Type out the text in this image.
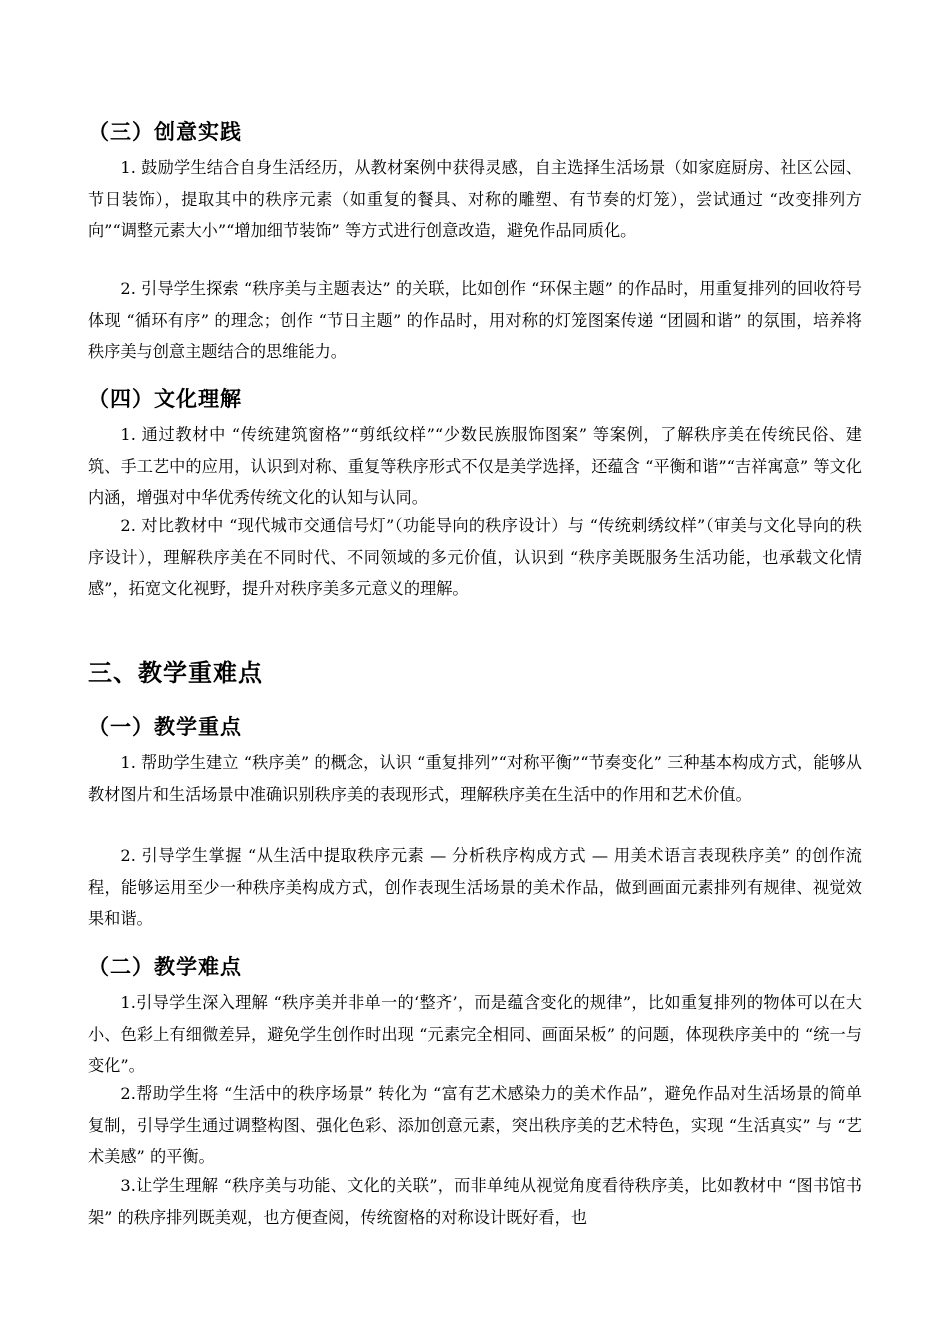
（三）创意实践

1. 鼓励学生结合自身生活经历，从教材案例中获得灵感，自主选择生活场景（如家庭厨房、社区公园、节日装饰），提取其中的秩序元素（如重复的餐具、对称的雕塑、有节奏的灯笼），尝试通过 “改变排列方向”“调整元素大小”“增加细节装饰” 等方式进行创意改造，避免作品同质化。

2. 引导学生探索 “秩序美与主题表达” 的关联，比如创作 “环保主题” 的作品时，用重复排列的回收符号体现 “循环有序” 的理念；创作 “节日主题” 的作品时，用对称的灯笼图案传递 “团圆和谐” 的氛围，培养将秩序美与创意主题结合的思维能力。

（四）文化理解

1. 通过教材中 “传统建筑窗格”“剪纸纹样”“少数民族服饰图案” 等案例，了解秩序美在传统民俗、建筑、手工艺中的应用，认识到对称、重复等秩序形式不仅是美学选择，还蕴含 “平衡和谐”“吉祥寓意” 等文化内涵，增强对中华优秀传统文化的认知与认同。

2. 对比教材中 “现代城市交通信号灯”（功能导向的秩序设计）与 “传统刺绣纹样”（审美与文化导向的秩序设计），理解秩序美在不同时代、不同领域的多元价值，认识到 “秩序美既服务生活功能，也承载文化情感”，拓宽文化视野，提升对秩序美多元意义的理解。

三、教学重难点
（一）教学重点

1. 帮助学生建立 “秩序美” 的概念，认识 “重复排列”“对称平衡”“节奏变化” 三种基本构成方式，能够从教材图片和生活场景中准确识别秩序美的表现形式，理解秩序美在生活中的作用和艺术价值。

2. 引导学生掌握 “从生活中提取秩序元素 — 分析秩序构成方式 — 用美术语言表现秩序美” 的创作流程，能够运用至少一种秩序美构成方式，创作表现生活场景的美术作品，做到画面元素排列有规律、视觉效果和谐。

（二）教学难点

1.引导学生深入理解 “秩序美并非单一的‘整齐’，而是蕴含变化的规律”，比如重复排列的物体可以在大小、色彩上有细微差异，避免学生创作时出现 “元素完全相同、画面呆板” 的问题，体现秩序美中的 “统一与变化”。

2.帮助学生将 “生活中的秩序场景” 转化为 “富有艺术感染力的美术作品”，避免作品对生活场景的简单复制，引导学生通过调整构图、强化色彩、添加创意元素，突出秩序美的艺术特色，实现 “生活真实” 与 “艺术美感” 的平衡。

3.让学生理解 “秩序美与功能、文化的关联”，而非单纯从视觉角度看待秩序美，比如教材中 “图书馆书架” 的秩序排列既美观，也方便查阅，传统窗格的对称设计既好看，也
